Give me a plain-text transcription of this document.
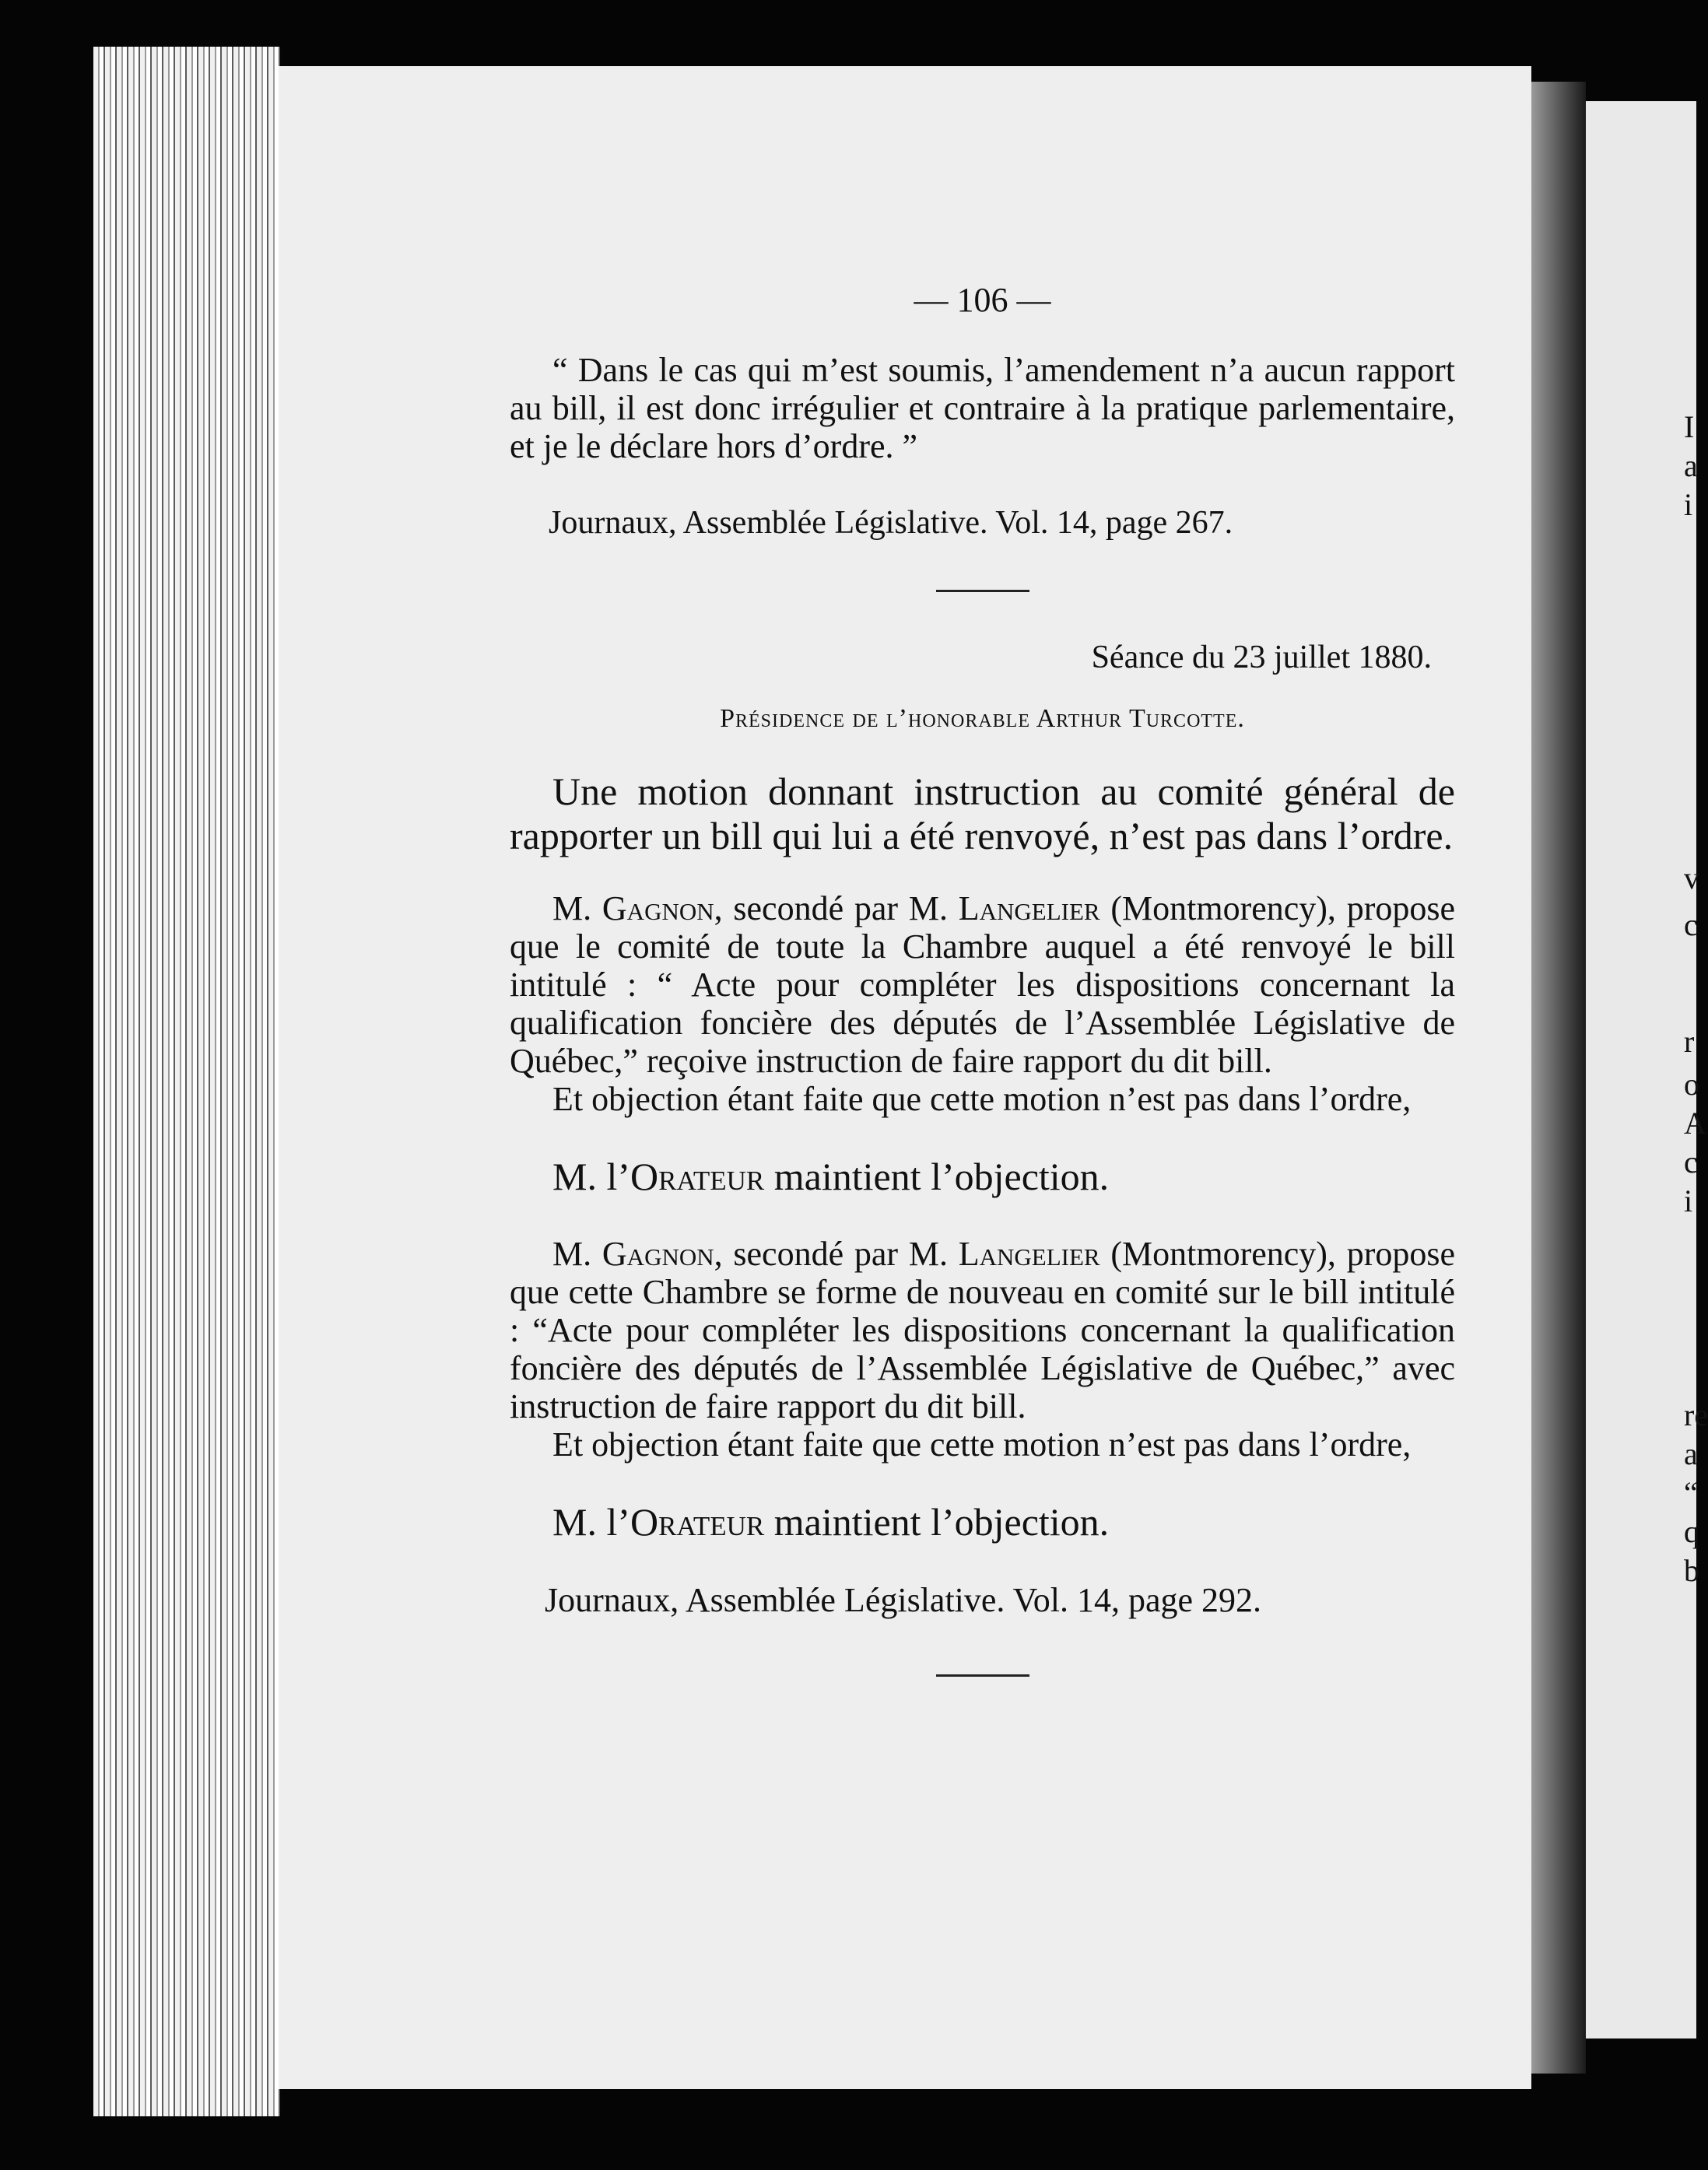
I
a
i
v
c
r
o
A
c
i
re
a
“
q
b
— 106 —

“ Dans le cas qui m’est soumis, l’amendement n’a aucun rapport au bill, il est donc irrégulier et contraire à la pratique parlementaire, et je le déclare hors d’ordre. ”

Journaux, Assemblée Législative. Vol. 14, page 267.
Séance du 23 juillet 1880.
Présidence de l’honorable Arthur Turcotte.

Une motion donnant instruction au comité général de rapporter un bill qui lui a été renvoyé, n’est pas dans l’ordre.

M. Gagnon, secondé par M. Langelier (Montmorency), propose que le comité de toute la Chambre auquel a été renvoyé le bill intitulé : “ Acte pour compléter les dispositions concernant la qualification foncière des députés de l’Assemblée Législative de Québec,” reçoive instruction de faire rapport du dit bill.

Et objection étant faite que cette motion n’est pas dans l’ordre,

M. l’Orateur maintient l’objection.

M. Gagnon, secondé par M. Langelier (Montmorency), propose que cette Chambre se forme de nouveau en comité sur le bill intitulé : “Acte pour compléter les dispositions concernant la qualification foncière des députés de l’Assemblée Législative de Québec,” avec instruction de faire rapport du dit bill.

Et objection étant faite que cette motion n’est pas dans l’ordre,

M. l’Orateur maintient l’objection.
Journaux, Assemblée Législative. Vol. 14, page 292.
